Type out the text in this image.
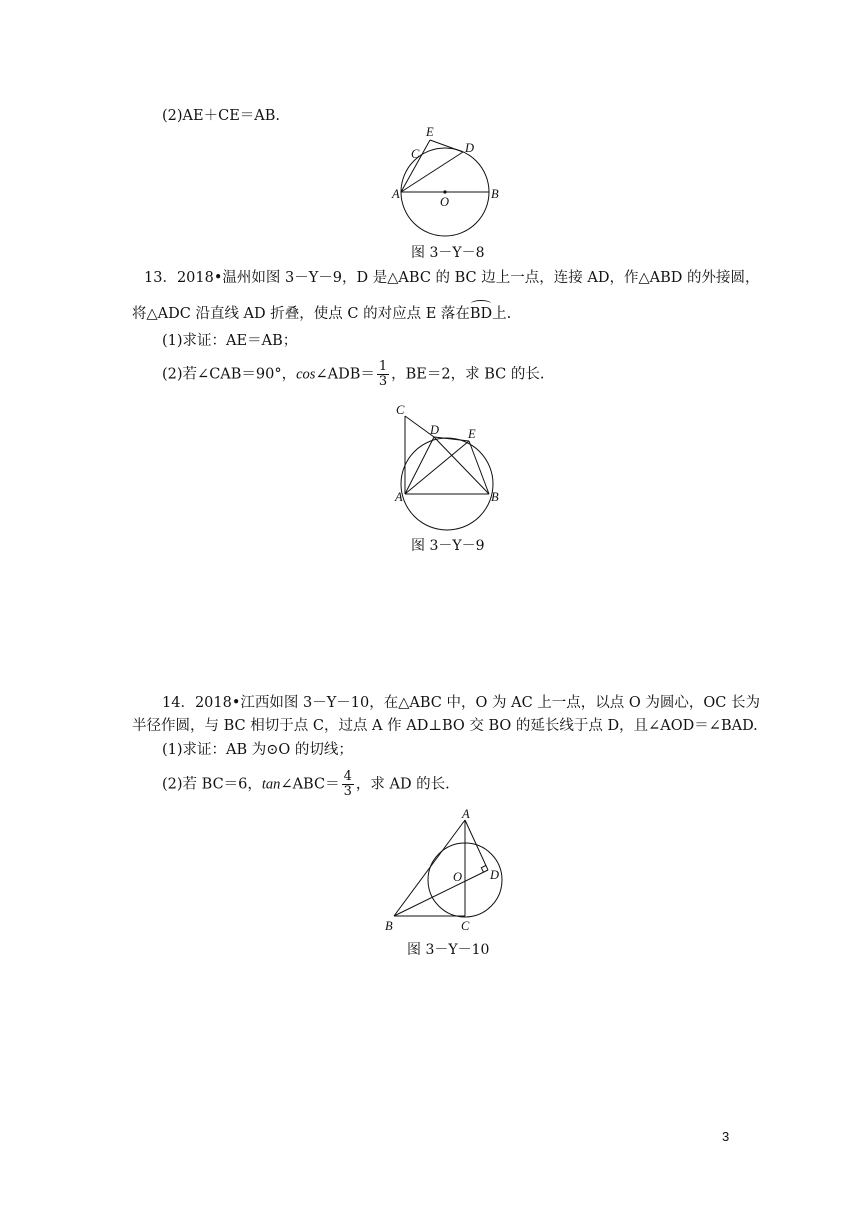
(2)AE＋CE＝AB.
E
C	D
A	B
O
图 3－Y－8
13．2018•温州如图 3－Y－9，D 是△ABC 的 BC 边上一点，连接 AD，作△ABD 的外接圆，
将△ADC 沿直线 AD 折叠，使点 C 的对应点 E 落在BD上.
(1)求证：AE＝AB；
(2)若∠CAB＝90°，cos∠ADB＝ $\frac{1}{3}$ ，BE＝2，求 BC 的长.
C
D E
A	B
图 3－Y－9
14．2018•江西如图 3－Y－10，在△ABC 中，O 为 AC 上一点，以点 O 为圆心，OC 长为
半径作圆，与 BC 相切于点 C，过点 A 作 AD⊥BO 交 BO 的延长线于点 D，且∠AOD＝∠BAD.
(1)求证：AB 为⊙O 的切线；
(2)若 BC＝6，tan∠ABC＝ $\frac{4}{3}$ ，求 AD 的长.
A
O D
B	C
图 3－Y－10
3
